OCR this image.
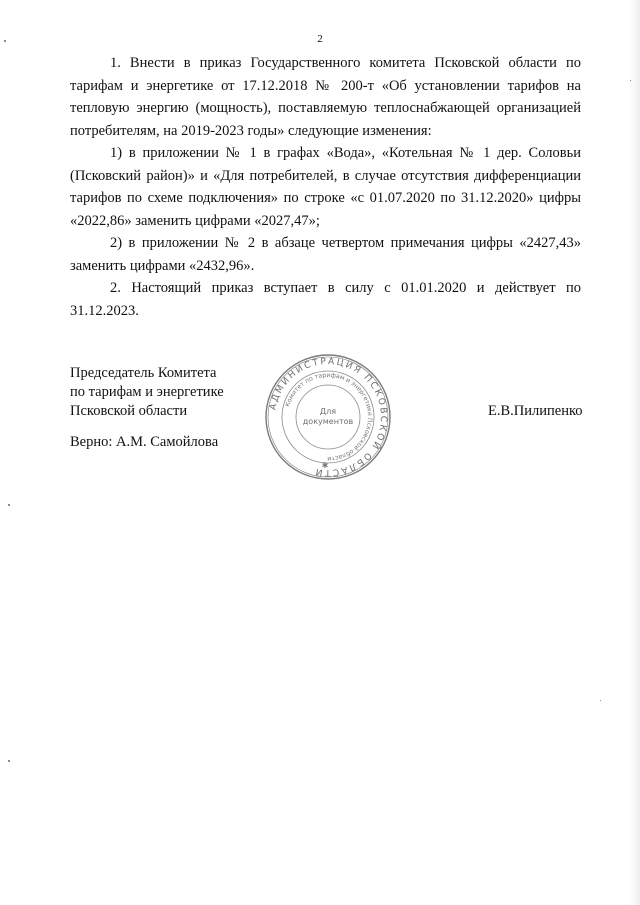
2

1. Внести в приказ Государственного комитета Псковской области по тарифам и энергетике от 17.12.2018 № 200-т «Об установлении тарифов на тепловую энергию (мощность), поставляемую теплоснабжающей организацией потребителям, на 2019-2023 годы» следующие изменения:

1) в приложении № 1 в графах «Вода», «Котельная № 1 дер. Соловьи (Псковский район)» и «Для потребителей, в случае отсутствия дифференциации тарифов по схеме подключения» по строке «с 01.07.2020 по 31.12.2020» цифры «2022,86» заменить цифрами «2027,47»;

2) в приложении № 2 в абзаце четвертом примечания цифры «2427,43» заменить цифрами «2432,96».

2. Настоящий приказ вступает в силу с 01.01.2020 и действует по 31.12.2023.

Председатель Комитета
по тарифам и энергетике
Псковской области	Е.В.Пилипенко
Верно: А.М. Самойлова
АДМИНИСТРАЦИЯ ПСКОВСКОЙ ОБЛАСТИ
Комитет по тарифам и энергетике Псковской области
Для
документов
✱
